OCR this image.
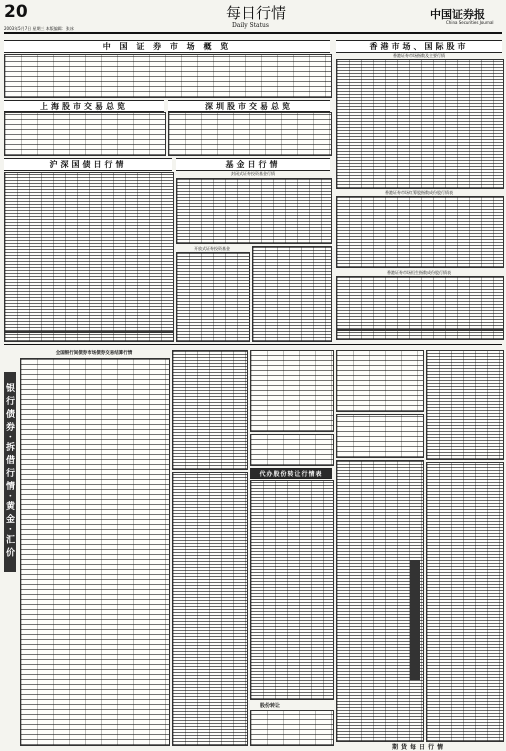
20
2003年5月7日 星期三 本版编辑：张冰
每日行情
Daily Status
中国证券报
China Securities Journal
中 国 证 券 市 场 概 览
上海股市交易总览	深圳股市交易总览
沪深国债日行情	基金日行情
封闭式证券投资基金行情
开放式证券投资基金
香港市场、国际股市
香港证券市场指数及主要行情
香港证券市场红筹股指数成份股行情表
香港证券市场恒生指数成份股行情表
银行债券·拆借行情·黄金·汇价
全国银行间债券市场债券交易结算行情
代办股份转让行情表
股份转让
期货每日行情
